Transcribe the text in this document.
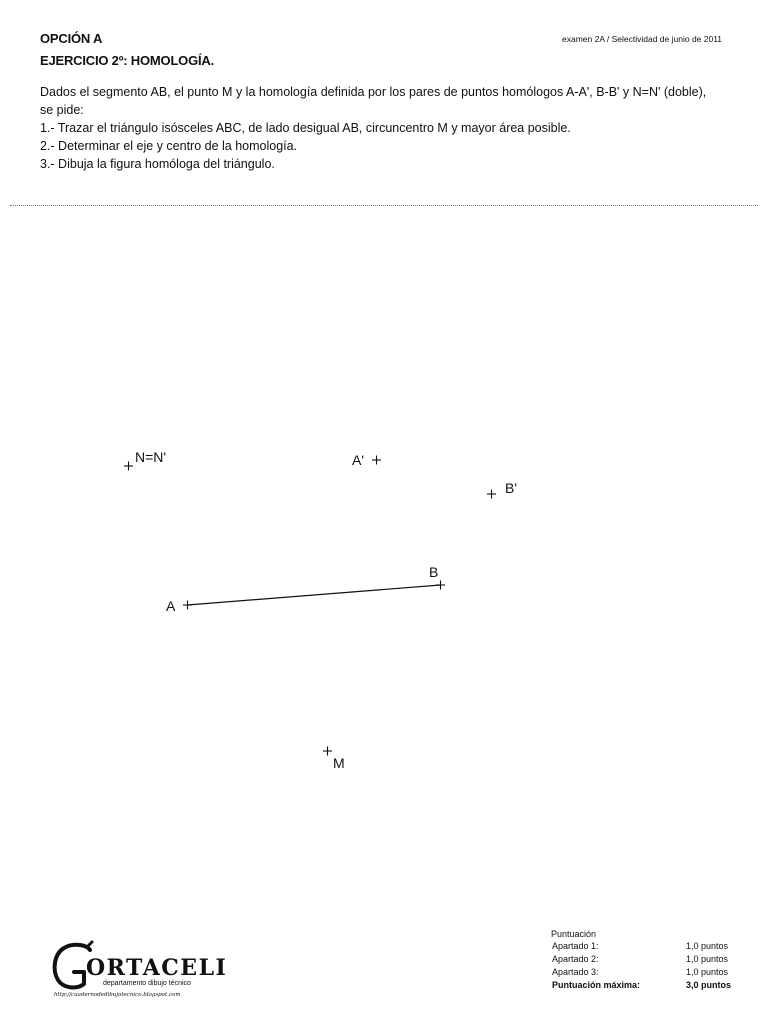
OPCIÓN A
EJERCICIO 2º: HOMOLOGÍA.
examen 2A / Selectividad de junio de 2011
Dados el segmento AB, el punto M y la homología definida por los pares de puntos homólogos A-A', B-B' y N=N' (doble),
se pide:
1.- Trazar el triángulo isósceles ABC, de lado desigual AB, circuncentro M y mayor área posible.
2.- Determinar el eje y centro de la homología.
3.- Dibuja la figura homóloga del triángulo.
N=N'	A'
B'
A
B
M
Puntuación
Apartado 1:	1,0 puntos
Apartado 2:	1,0 puntos
Apartado 3:	1,0 puntos
Puntuación máxima:	3,0 puntos
ORTACELI
departamento dibujo técnico
http://cuadernodedibujotecnico.blogspot.com
